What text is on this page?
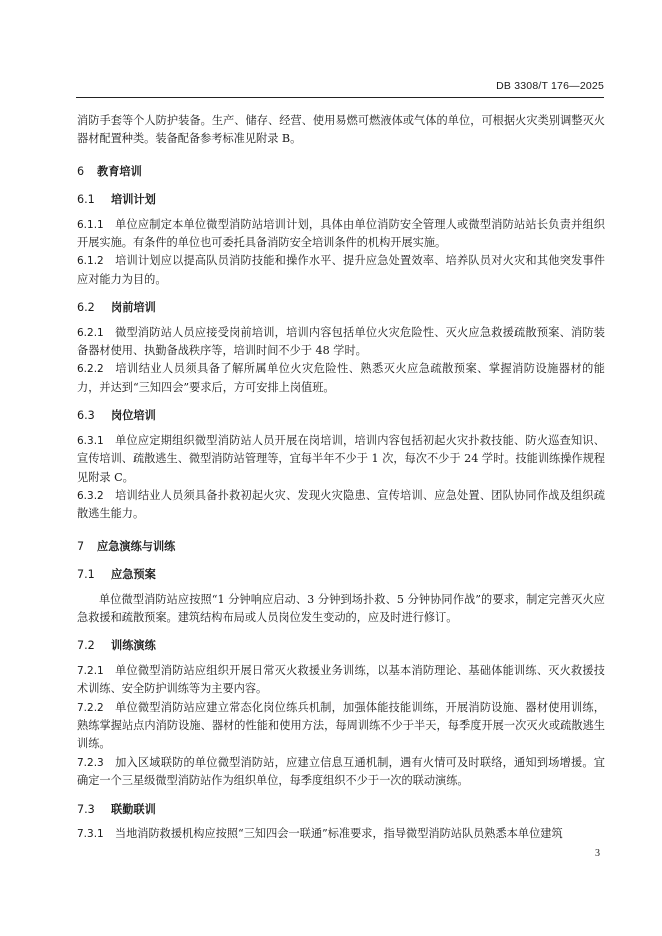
DB 3308/T 176—2025

消防手套等个人防护装备。生产、储存、经营、使用易燃可燃液体或气体的单位，可根据火灾类别调整灭火器材配置种类。装备配备参考标准见附录 B。

6 教育培训
6.1 培训计划

6.1.1  单位应制定本单位微型消防站培训计划，具体由单位消防安全管理人或微型消防站站长负责并组织开展实施。有条件的单位也可委托具备消防安全培训条件的机构开展实施。

6.1.2  培训计划应以提高队员消防技能和操作水平、提升应急处置效率、培养队员对火灾和其他突发事件应对能力为目的。

6.2 岗前培训

6.2.1  微型消防站人员应接受岗前培训，培训内容包括单位火灾危险性、灭火应急救援疏散预案、消防装备器材使用、执勤备战秩序等，培训时间不少于 48 学时。

6.2.2  培训结业人员须具备了解所属单位火灾危险性、熟悉灭火应急疏散预案、掌握消防设施器材的能力，并达到“三知四会”要求后，方可安排上岗值班。

6.3 岗位培训

6.3.1  单位应定期组织微型消防站人员开展在岗培训，培训内容包括初起火灾扑救技能、防火巡查知识、宣传培训、疏散逃生、微型消防站管理等，宜每半年不少于 1 次，每次不少于 24 学时。技能训练操作规程见附录 C。

6.3.2  培训结业人员须具备扑救初起火灾、发现火灾隐患、宣传培训、应急处置、团队协同作战及组织疏散逃生能力。

7 应急演练与训练
7.1 应急预案

单位微型消防站应按照“1 分钟响应启动、3 分钟到场扑救、5 分钟协同作战”的要求，制定完善灭火应急救援和疏散预案。建筑结构布局或人员岗位发生变动的，应及时进行修订。

7.2 训练演练

7.2.1  单位微型消防站应组织开展日常灭火救援业务训练，以基本消防理论、基础体能训练、灭火救援技术训练、安全防护训练等为主要内容。

7.2.2  单位微型消防站应建立常态化岗位练兵机制，加强体能技能训练，开展消防设施、器材使用训练，熟练掌握站点内消防设施、器材的性能和使用方法，每周训练不少于半天，每季度开展一次灭火或疏散逃生训练。

7.2.3  加入区域联防的单位微型消防站，应建立信息互通机制，遇有火情可及时联络，通知到场增援。宜确定一个三星级微型消防站作为组织单位，每季度组织不少于一次的联动演练。

7.3 联勤联训

7.3.1  当地消防救援机构应按照“三知四会一联通”标准要求，指导微型消防站队员熟悉本单位建筑

3
